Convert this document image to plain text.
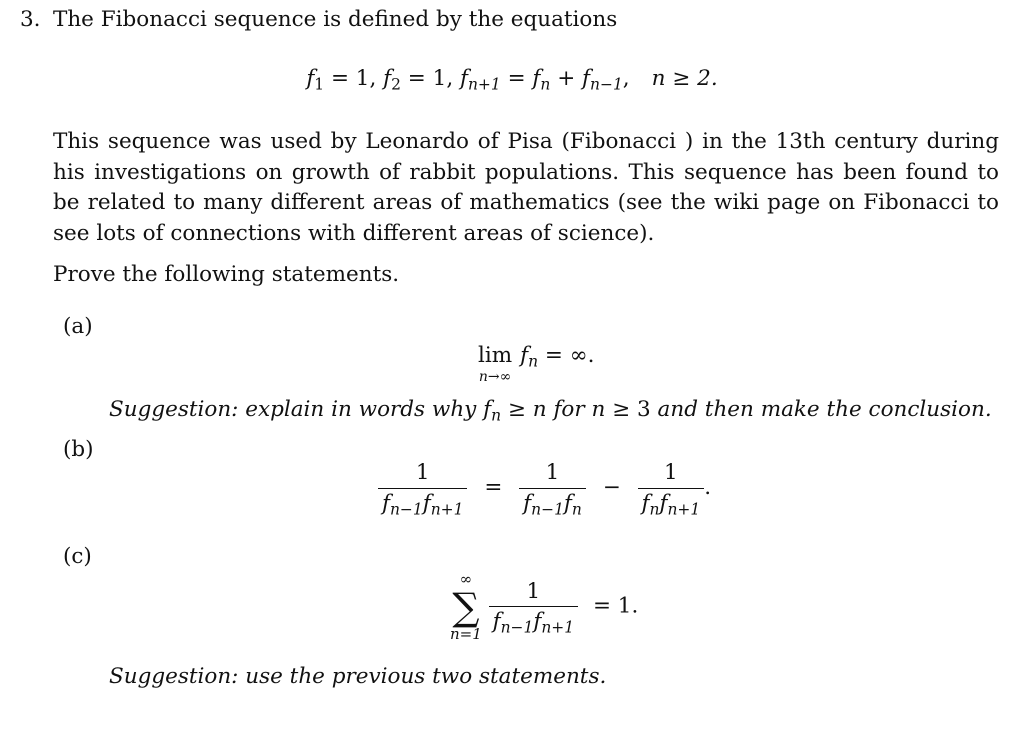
3. The Fibonacci sequence is defined by the equations
$f_1 = 1$, $f_2 = 1$, $f_{n+1} = f_n + f_{n-1}$, n ≥ 2.
This sequence was used by Leonardo of Pisa (Fibonacci ) in the 13th century during
his investigations on growth of rabbit populations. This sequence has been found to
be related to many different areas of mathematics (see the wiki page on Fibonacci to
see lots of connections with different areas of science).
Prove the following statements.
(a)
lim
n→∞
$f_n$ = ∞.
Suggestion: explain in words why $f_n \ge n$ for n ≥ 3 and then make the conclusion.
(b)
$\frac{1}{f_{n-1}f_{n+1}} = \frac{1}{f_{n-1}f_n} - \frac{1}{f_nf_{n+1}}$ .
(c)
∞
∑
n=1

$\frac{1}{f_{n-1}f_{n+1}} = 1$.
Suggestion: use the previous two statements.
